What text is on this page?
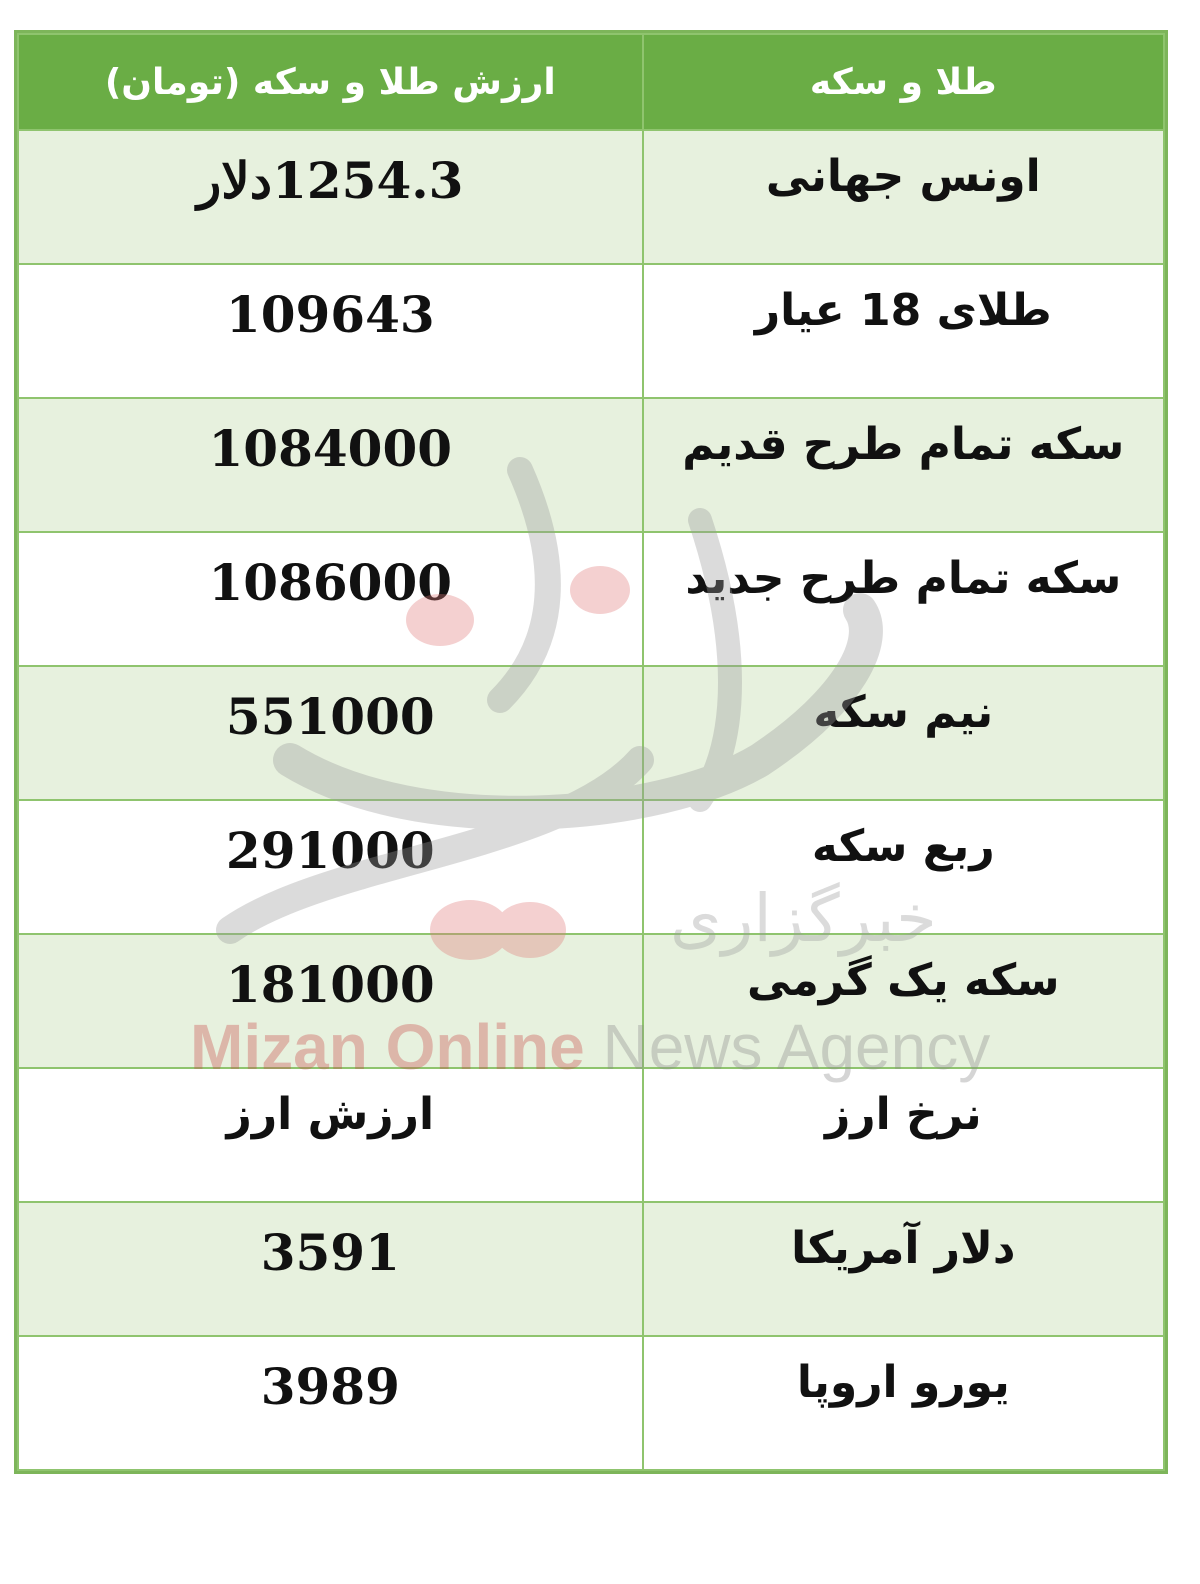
طلا و سکه	ارزش طلا و سکه (تومان)
اونس جهانی	1254.3دلار
طلای 18 عیار	109643
سکه تمام طرح قدیم	1084000
سکه تمام طرح جدید	1086000
نیم سکه	551000
ربع سکه	291000
سکه یک گرمی	181000
نرخ ارز	ارزش ارز
دلار آمریکا	3591
یورو اروپا	3989
خبرگزاری
Mizan Online News Agency
